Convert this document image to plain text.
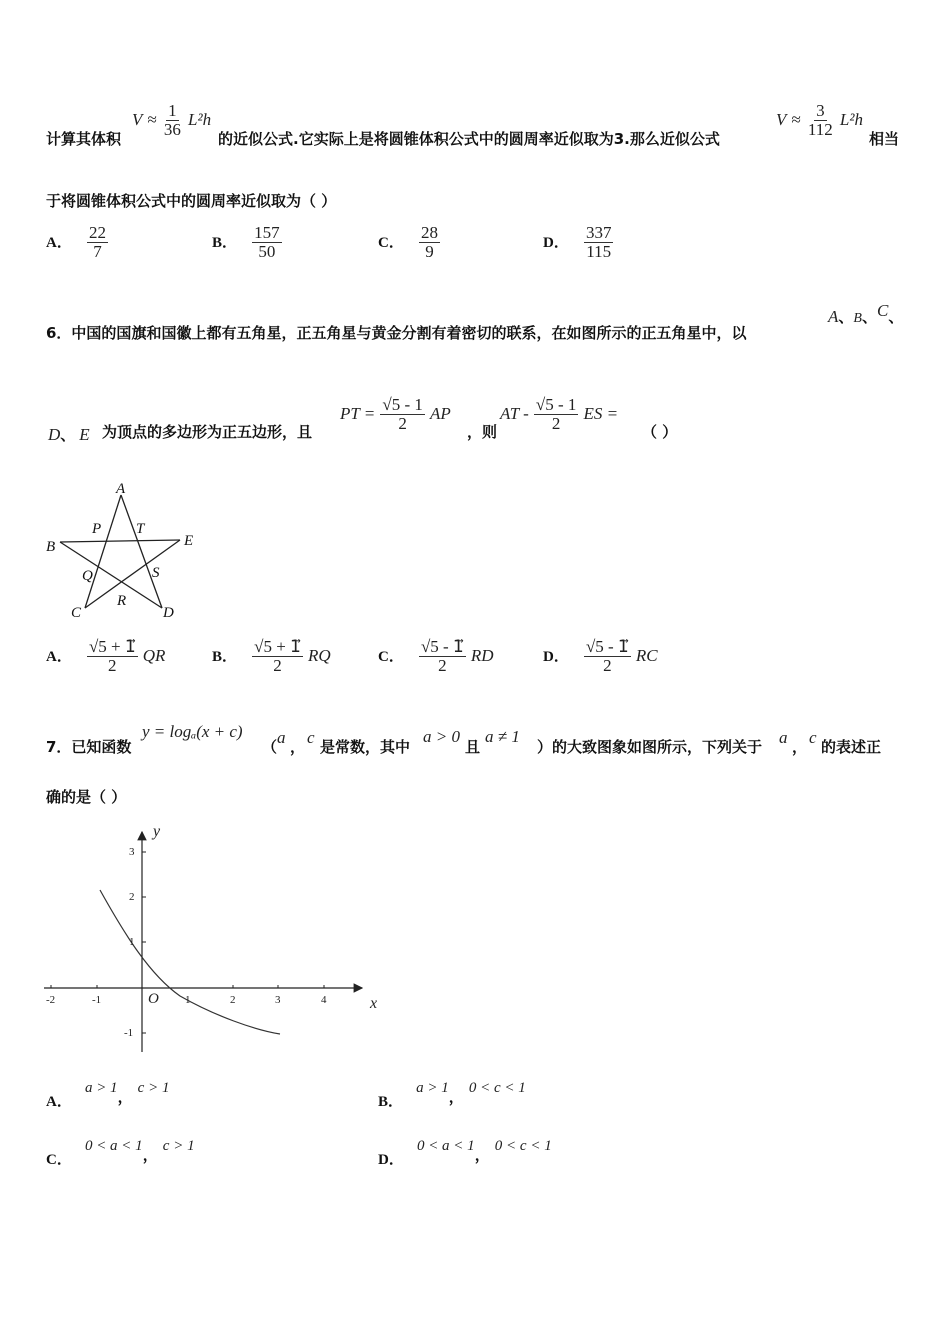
计算其体积
$V \approx \frac{1}{36} L^2h$
的近似公式.它实际上是将圆锥体积公式中的圆周率近似取为3.那么近似公式
$V \approx \frac{3}{112} L^2h$
相当
于将圆锥体积公式中的圆周率近似取为（ ）
A． $\frac{22}{7}$	B． $\frac{157}{50}$	C． $\frac{28}{9}$	D． $\frac{337}{115}$
6．中国的国旗和国徽上都有五角星，正五角星与黄金分割有着密切的联系，在如图所示的正五角星中，以
A、B、C、
D、 E 为顶点的多边形为正五边形，且
PT = $\frac{√5 - 1}{2}$ AP
，则
AT - $\frac{√5 - 1}{2}$ ES =
（ ）
A
B
C	D
E
P T
Q	S
R
A． $\frac{√5 + 1⃗}{2}$ QR	B． $\frac{√5 + 1⃗}{2}$ RQ	C． $\frac{√5 - 1⃗}{2}$ RD	D． $\frac{√5 - 1⃗}{2}$ RC
7．已知函数
y = logₐ(x + c)
（ a ， c 是常数，其中
a > 0
且
a ≠ 1
）的大致图象如图所示，下列关于 a ， c 的表述正
确的是（ ）
-2	-1	1	2	3	4
3
2
1
-1
O	x
y
A． a > 1， c > 1
B． a > 1， 0 < c < 1
C． 0 < a < 1， c > 1
D． 0 < a < 1， 0 < c < 1
